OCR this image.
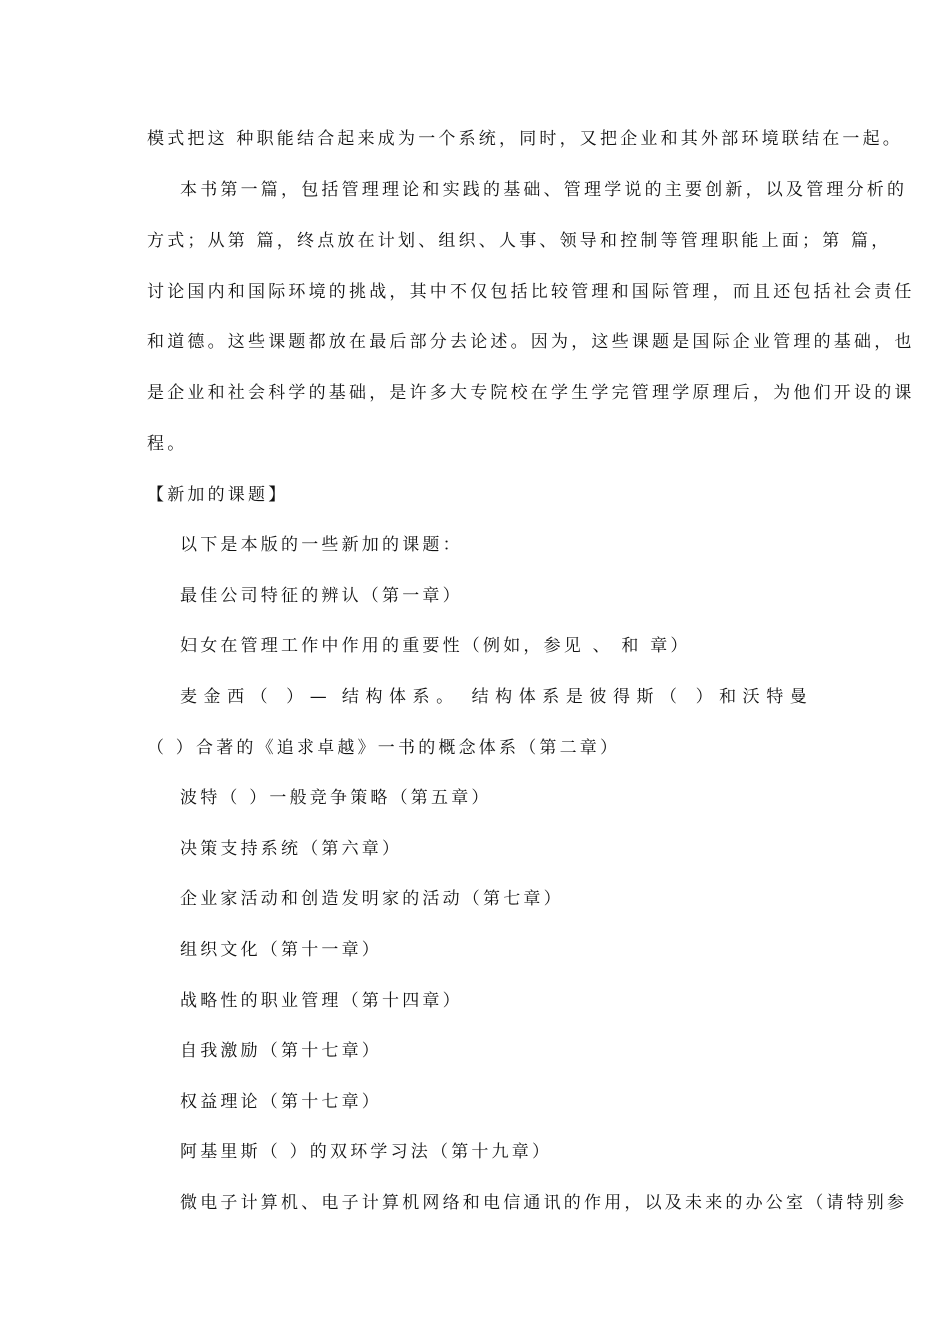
模式把这 种职能结合起来成为一个系统，同时，又把企业和其外部环境联结在一起。
本书第一篇，包括管理理论和实践的基础、管理学说的主要创新，以及管理分析的
方式；从第 篇，终点放在计划、组织、人事、领导和控制等管理职能上面；第 篇，
讨论国内和国际环境的挑战，其中不仅包括比较管理和国际管理，而且还包括社会责任
和道德。这些课题都放在最后部分去论述。因为，这些课题是国际企业管理的基础，也
是企业和社会科学的基础，是许多大专院校在学生学完管理学原理后，为他们开设的课
程。
【新加的课题】
以下是本版的一些新加的课题：
最佳公司特征的辨认（第一章）
妇女在管理工作中作用的重要性（例如，参见 、 和 章）
麦金西（ ）— 结构体系。 结构体系是彼得斯（ ）和沃特曼
（ ）合著的《追求卓越》一书的概念体系（第二章）
波特（ ）一般竞争策略（第五章）
决策支持系统（第六章）
企业家活动和创造发明家的活动（第七章）
组织文化（第十一章）
战略性的职业管理（第十四章）
自我激励（第十七章）
权益理论（第十七章）
阿基里斯（ ）的双环学习法（第十九章）
微电子计算机、电子计算机网络和电信通讯的作用，以及未来的办公室（请特别参
